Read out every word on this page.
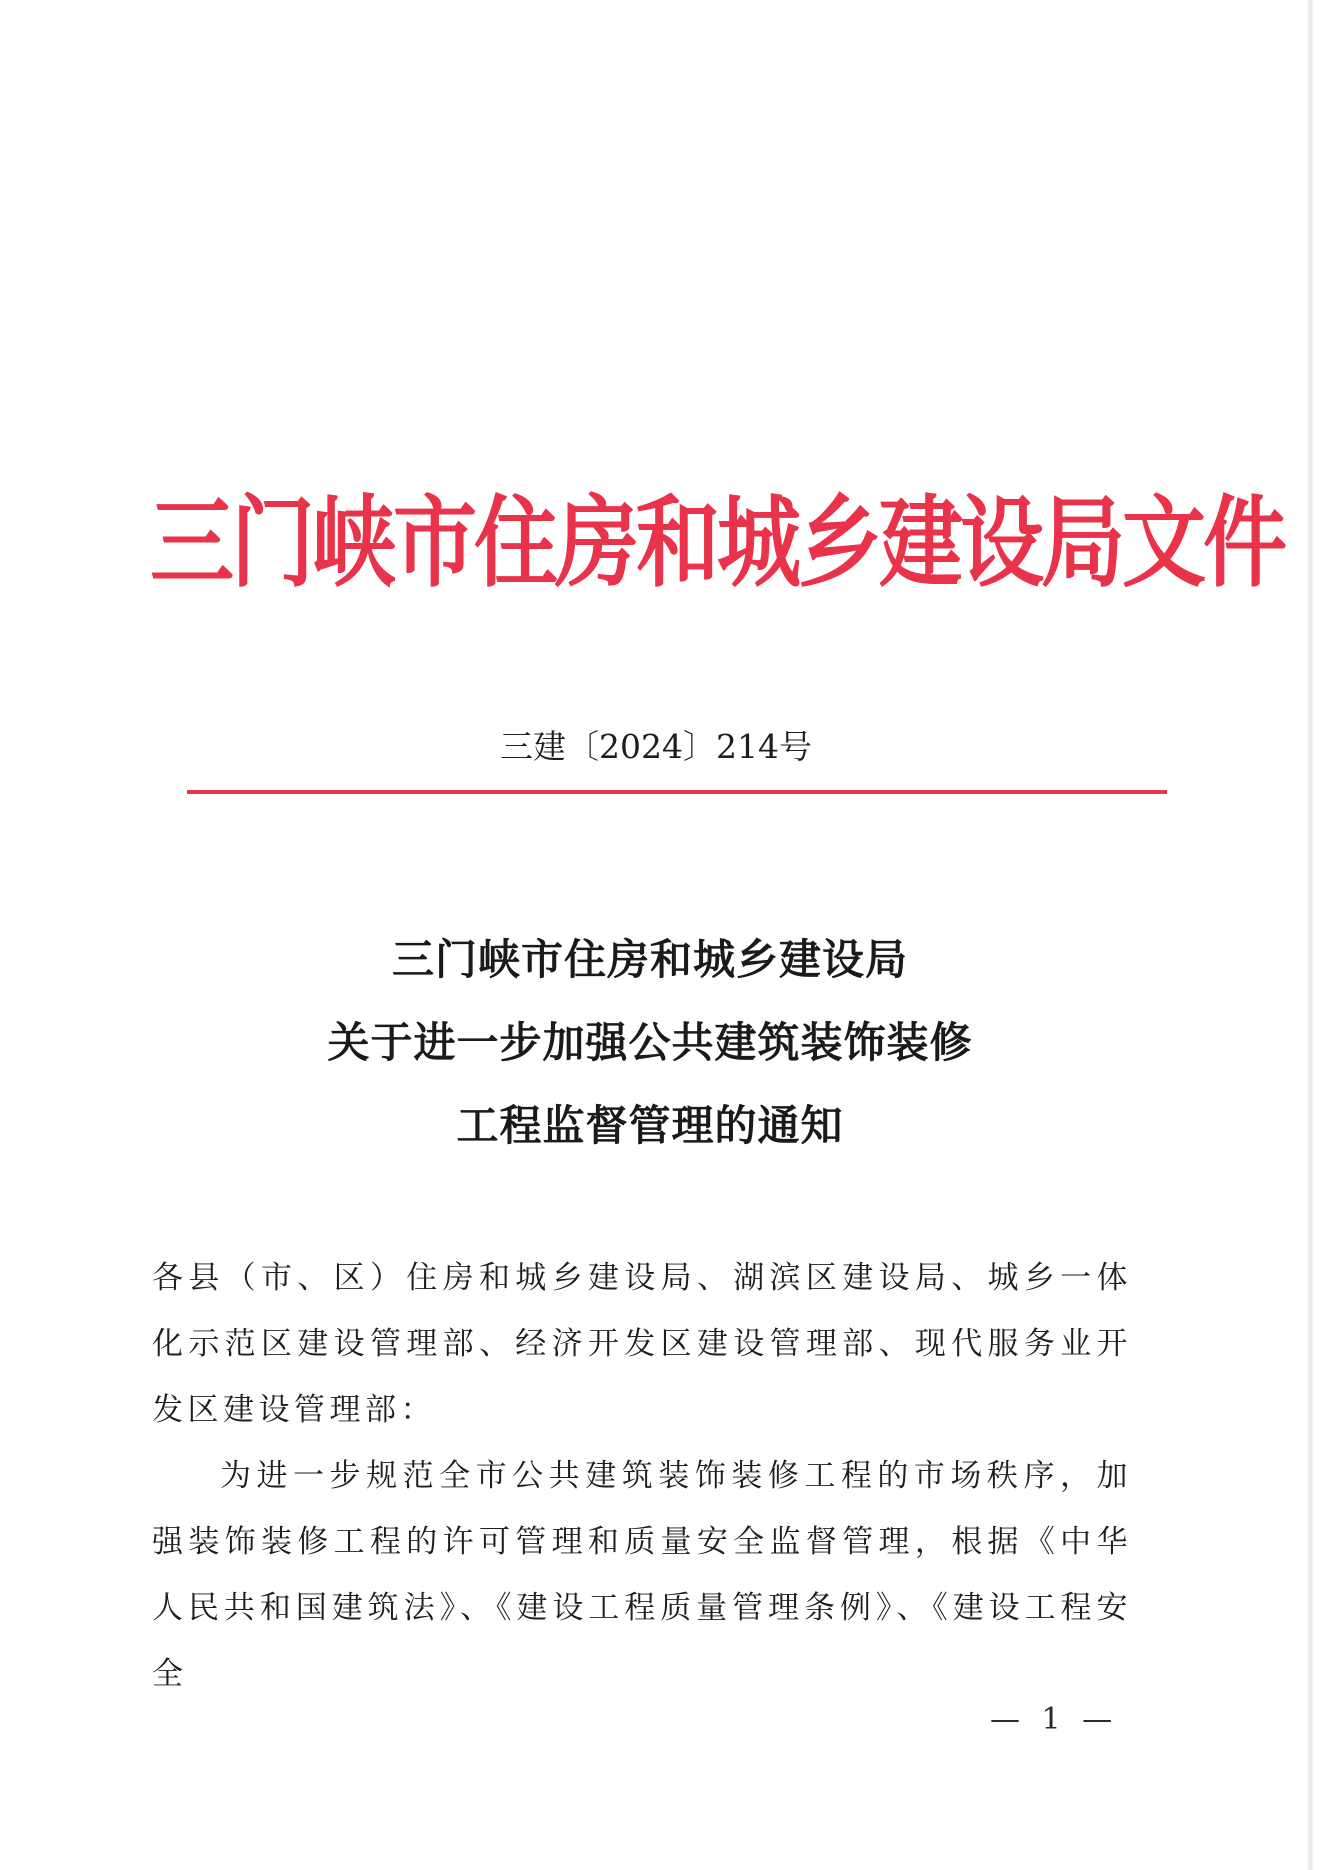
三门峡市住房和城乡建设局文件
三建〔2024〕214号
三门峡市住房和城乡建设局
关于进一步加强公共建筑装饰装修
工程监督管理的通知

各县（市、区）住房和城乡建设局、湖滨区建设局、城乡一体化示范区建设管理部、经济开发区建设管理部、现代服务业开发区建设管理部：

为进一步规范全市公共建筑装饰装修工程的市场秩序，加强装饰装修工程的许可管理和质量安全监督管理，根据《中华人民共和国建筑法》、《建设工程质量管理条例》、《建设工程安全

— 1 —
